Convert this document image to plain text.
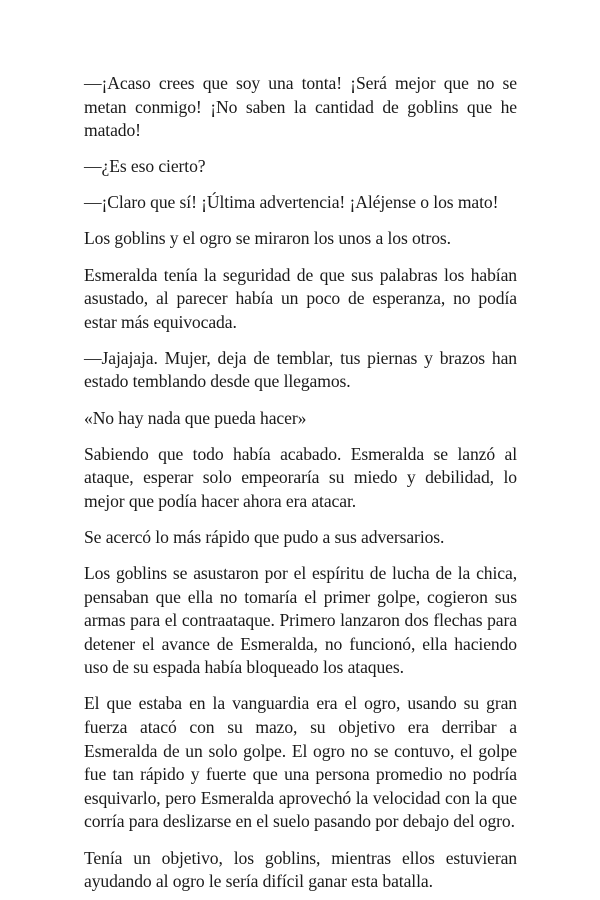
—¡Acaso crees que soy una tonta! ¡Será mejor que no se metan conmigo! ¡No saben la cantidad de goblins que he matado!

—¿Es eso cierto?

—¡Claro que sí! ¡Última advertencia! ¡Aléjense o los mato!

Los goblins y el ogro se miraron los unos a los otros.

Esmeralda tenía la seguridad de que sus palabras los habían asustado, al parecer había un poco de esperanza, no podía estar más equivocada.

—Jajajaja. Mujer, deja de temblar, tus piernas y brazos han estado temblando desde que llegamos.

«No hay nada que pueda hacer»

Sabiendo que todo había acabado. Esmeralda se lanzó al ataque, esperar solo empeoraría su miedo y debilidad, lo mejor que podía hacer ahora era atacar.

Se acercó lo más rápido que pudo a sus adversarios.

Los goblins se asustaron por el espíritu de lucha de la chica, pensaban que ella no tomaría el primer golpe, cogieron sus armas para el contraataque. Primero lanzaron dos flechas para detener el avance de Esmeralda, no funcionó, ella haciendo uso de su espada había bloqueado los ataques.

El que estaba en la vanguardia era el ogro, usando su gran fuerza atacó con su mazo, su objetivo era derribar a Esmeralda de un solo golpe. El ogro no se contuvo, el golpe fue tan rápido y fuerte que una persona promedio no podría esquivarlo, pero Esmeralda aprovechó la velocidad con la que corría para deslizarse en el suelo pasando por debajo del ogro.

Tenía un objetivo, los goblins, mientras ellos estuvieran ayudando al ogro le sería difícil ganar esta batalla.
